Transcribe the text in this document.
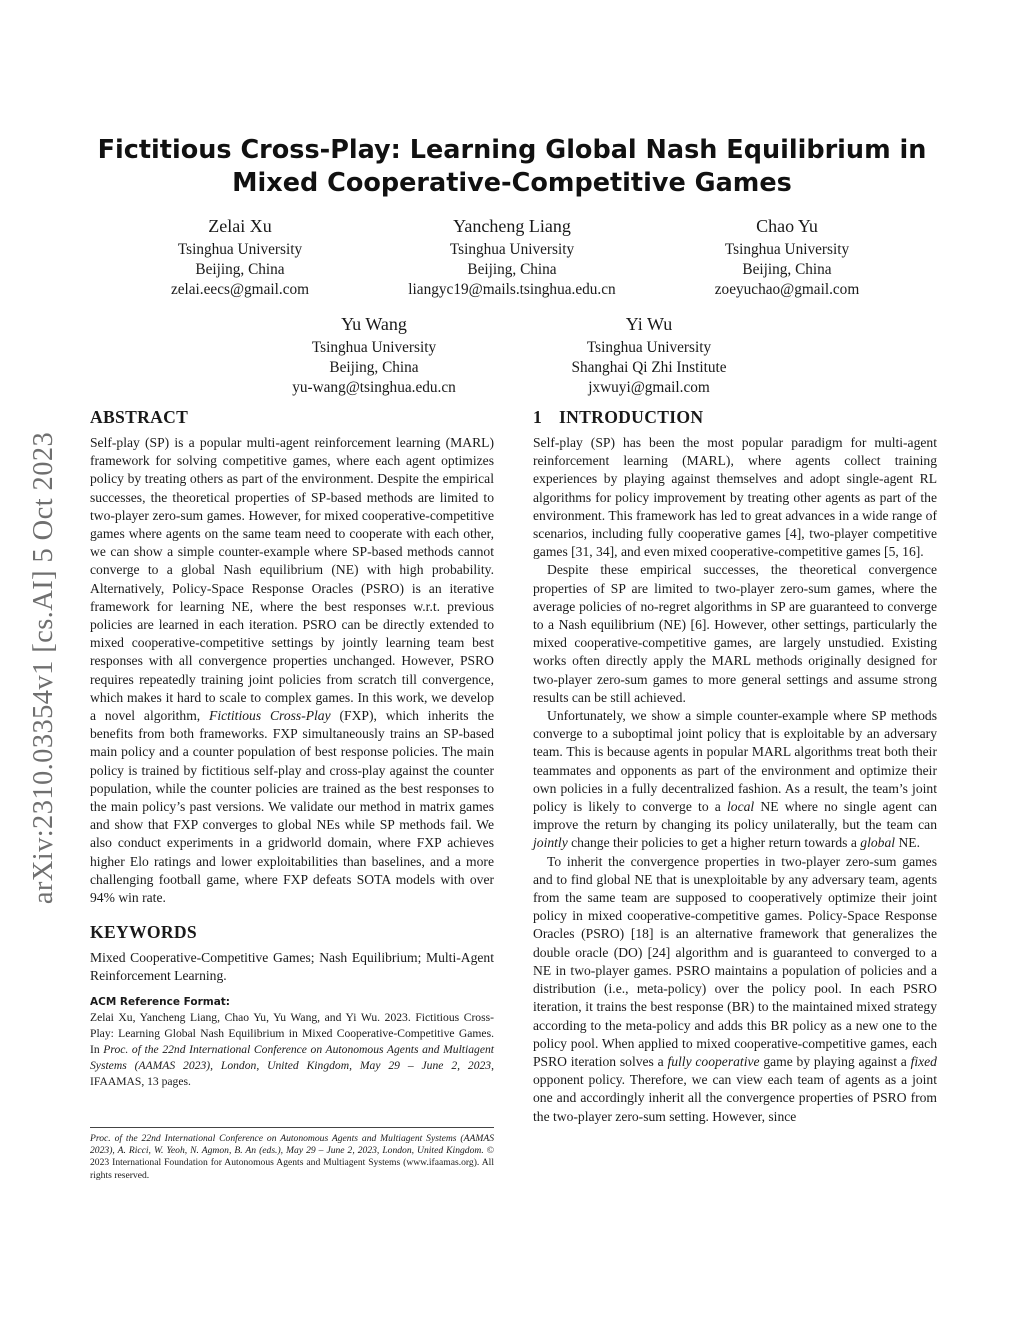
arXiv:2310.03354v1 [cs.AI] 5 Oct 2023
Fictitious Cross-Play: Learning Global Nash Equilibrium in Mixed Cooperative-Competitive Games
Zelai Xu
Tsinghua University
Beijing, China
zelai.eecs@gmail.com
Yancheng Liang
Tsinghua University
Beijing, China
liangyc19@mails.tsinghua.edu.cn
Chao Yu
Tsinghua University
Beijing, China
zoeyuchao@gmail.com
Yu Wang
Tsinghua University
Beijing, China
yu-wang@tsinghua.edu.cn
Yi Wu
Tsinghua University
Shanghai Qi Zhi Institute
jxwuyi@gmail.com
ABSTRACT

Self-play (SP) is a popular multi-agent reinforcement learning (MARL) framework for solving competitive games, where each agent optimizes policy by treating others as part of the environment. Despite the empirical successes, the theoretical properties of SP-based methods are limited to two-player zero-sum games. However, for mixed cooperative-competitive games where agents on the same team need to cooperate with each other, we can show a simple counter-example where SP-based methods cannot converge to a global Nash equilibrium (NE) with high probability. Alternatively, Policy-Space Response Oracles (PSRO) is an iterative framework for learning NE, where the best responses w.r.t. previous policies are learned in each iteration. PSRO can be directly extended to mixed cooperative-competitive settings by jointly learning team best responses with all convergence properties unchanged. However, PSRO requires repeatedly training joint policies from scratch till convergence, which makes it hard to scale to complex games. In this work, we develop a novel algorithm, Fictitious Cross-Play (FXP), which inherits the benefits from both frameworks. FXP simultaneously trains an SP-based main policy and a counter population of best response policies. The main policy is trained by fictitious self-play and cross-play against the counter population, while the counter policies are trained as the best responses to the main policy’s past versions. We validate our method in matrix games and show that FXP converges to global NEs while SP methods fail. We also conduct experiments in a gridworld domain, where FXP achieves higher Elo ratings and lower exploitabilities than baselines, and a more challenging football game, where FXP defeats SOTA models with over 94% win rate.

KEYWORDS

Mixed Cooperative-Competitive Games; Nash Equilibrium; Multi-Agent Reinforcement Learning.

ACM Reference Format:

Zelai Xu, Yancheng Liang, Chao Yu, Yu Wang, and Yi Wu. 2023. Fictitious Cross-Play: Learning Global Nash Equilibrium in Mixed Cooperative-Competitive Games. In Proc. of the 22nd International Conference on Autonomous Agents and Multiagent Systems (AAMAS 2023), London, United Kingdom, May 29 – June 2, 2023, IFAAMAS, 13 pages.

Proc. of the 22nd International Conference on Autonomous Agents and Multiagent Systems (AAMAS 2023), A. Ricci, W. Yeoh, N. Agmon, B. An (eds.), May 29 – June 2, 2023, London, United Kingdom. © 2023 International Foundation for Autonomous Agents and Multiagent Systems (www.ifaamas.org). All rights reserved.

1 INTRODUCTION

Self-play (SP) has been the most popular paradigm for multi-agent reinforcement learning (MARL), where agents collect training experiences by playing against themselves and adopt single-agent RL algorithms for policy improvement by treating other agents as part of the environment. This framework has led to great advances in a wide range of scenarios, including fully cooperative games [4], two-player competitive games [31, 34], and even mixed cooperative-competitive games [5, 16].

Despite these empirical successes, the theoretical convergence properties of SP are limited to two-player zero-sum games, where the average policies of no-regret algorithms in SP are guaranteed to converge to a Nash equilibrium (NE) [6]. However, other settings, particularly the mixed cooperative-competitive games, are largely unstudied. Existing works often directly apply the MARL methods originally designed for two-player zero-sum games to more general settings and assume strong results can be still achieved.

Unfortunately, we show a simple counter-example where SP methods converge to a suboptimal joint policy that is exploitable by an adversary team. This is because agents in popular MARL algorithms treat both their teammates and opponents as part of the environment and optimize their own policies in a fully decentralized fashion. As a result, the team’s joint policy is likely to converge to a local NE where no single agent can improve the return by changing its policy unilaterally, but the team can jointly change their policies to get a higher return towards a global NE.

To inherit the convergence properties in two-player zero-sum games and to find global NE that is unexploitable by any adversary team, agents from the same team are supposed to cooperatively optimize their joint policy in mixed cooperative-competitive games. Policy-Space Response Oracles (PSRO) [18] is an alternative framework that generalizes the double oracle (DO) [24] algorithm and is guaranteed to converged to a NE in two-player games. PSRO maintains a population of policies and a distribution (i.e., meta-policy) over the policy pool. In each PSRO iteration, it trains the best response (BR) to the maintained mixed strategy according to the meta-policy and adds this BR policy as a new one to the policy pool. When applied to mixed cooperative-competitive games, each PSRO iteration solves a fully cooperative game by playing against a fixed opponent policy. Therefore, we can view each team of agents as a joint one and accordingly inherit all the convergence properties of PSRO from the two-player zero-sum setting. However, since
